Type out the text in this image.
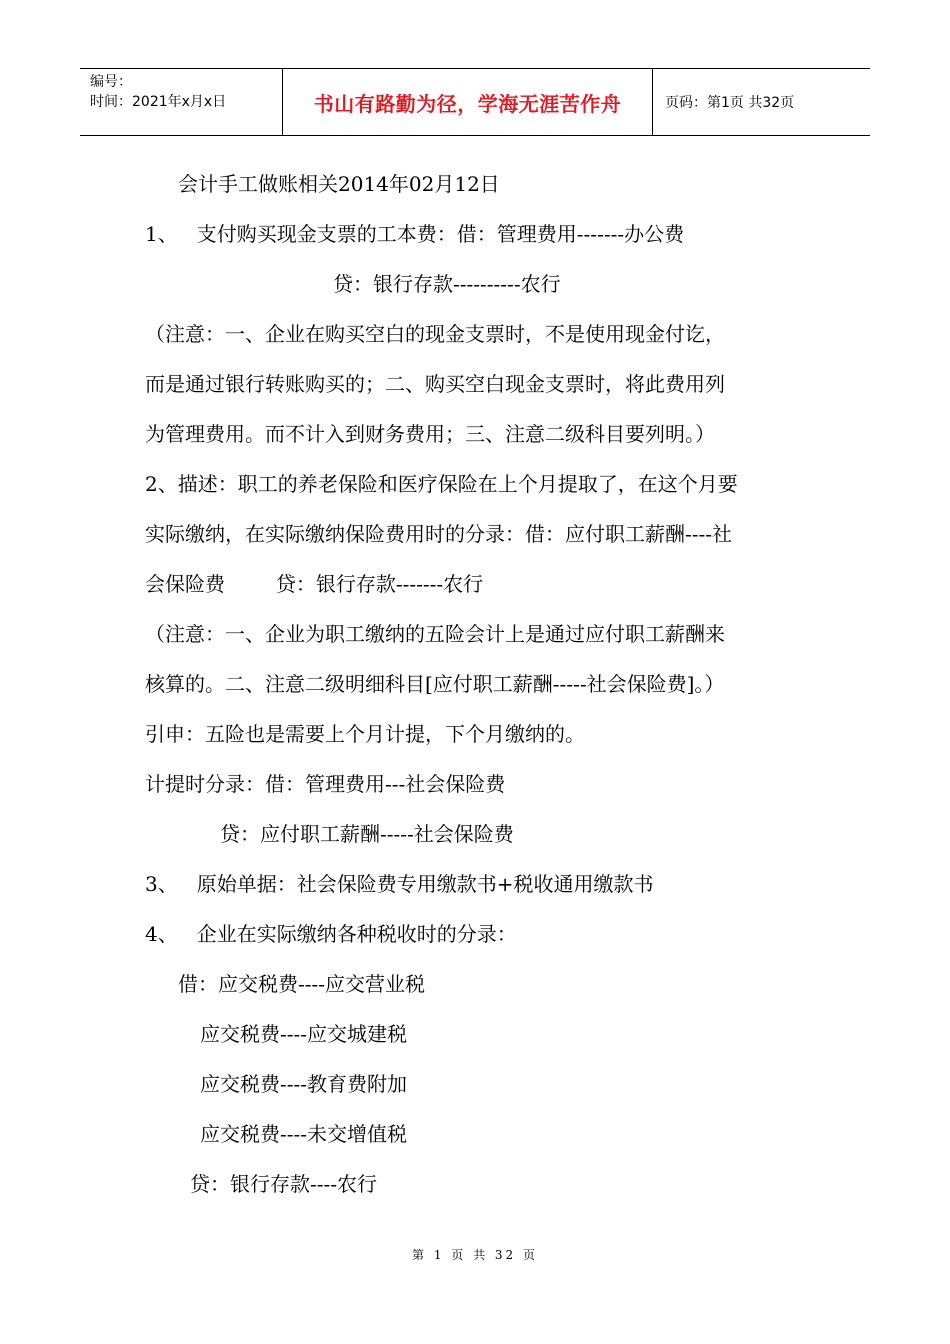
编号：
时间：2021年x月x日	书山有路勤为径，学海无涯苦作舟	页码：第1页 共32页
会计手工做账相关2014年02月12日
1、   支付购买现金支票的工本费：借：管理费用-------办公费
贷：银行存款----------农行
（注意：一、企业在购买空白的现金支票时，不是使用现金付讫，
而是通过银行转账购买的；二、购买空白现金支票时，将此费用列
为管理费用。而不计入到财务费用；三、注意二级科目要列明。）
2、描述：职工的养老保险和医疗保险在上个月提取了，在这个月要
实际缴纳，在实际缴纳保险费用时的分录：借：应付职工薪酬----社
会保险费        贷：银行存款-------农行
（注意：一、企业为职工缴纳的五险会计上是通过应付职工薪酬来
核算的。二、注意二级明细科目[应付职工薪酬-----社会保险费]。）
引申：五险也是需要上个月计提，下个月缴纳的。
计提时分录：借：管理费用---社会保险费
贷：应付职工薪酬-----社会保险费
3、   原始单据：社会保险费专用缴款书+税收通用缴款书
4、   企业在实际缴纳各种税收时的分录：
借：应交税费----应交营业税
应交税费----应交城建税
应交税费----教育费附加
应交税费----未交增值税
贷：银行存款----农行
第 1 页 共 32 页
